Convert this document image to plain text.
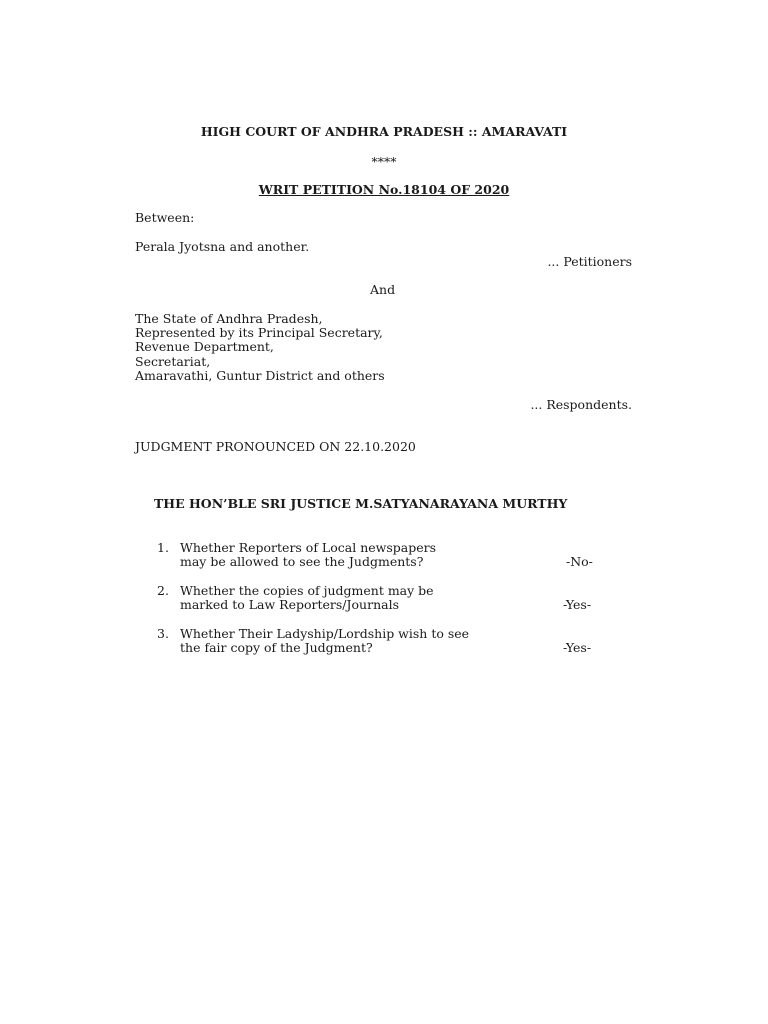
HIGH COURT OF ANDHRA PRADESH :: AMARAVATI
****
WRIT PETITION No.18104 OF 2020
Between:
Perala Jyotsna and another.
... Petitioners
And
The State of Andhra Pradesh,
Represented by its Principal Secretary,
Revenue Department,
Secretariat,
Amaravathi, Guntur District and others
... Respondents.
JUDGMENT PRONOUNCED ON 22.10.2020
THE HON’BLE SRI JUSTICE M.SATYANARAYANA MURTHY
1. Whether Reporters of Local newspapers
may be allowed to see the Judgments?	-No-
2. Whether the copies of judgment may be
marked to Law Reporters/Journals	-Yes-
3. Whether Their Ladyship/Lordship wish to see
the fair copy of the Judgment?	-Yes-
